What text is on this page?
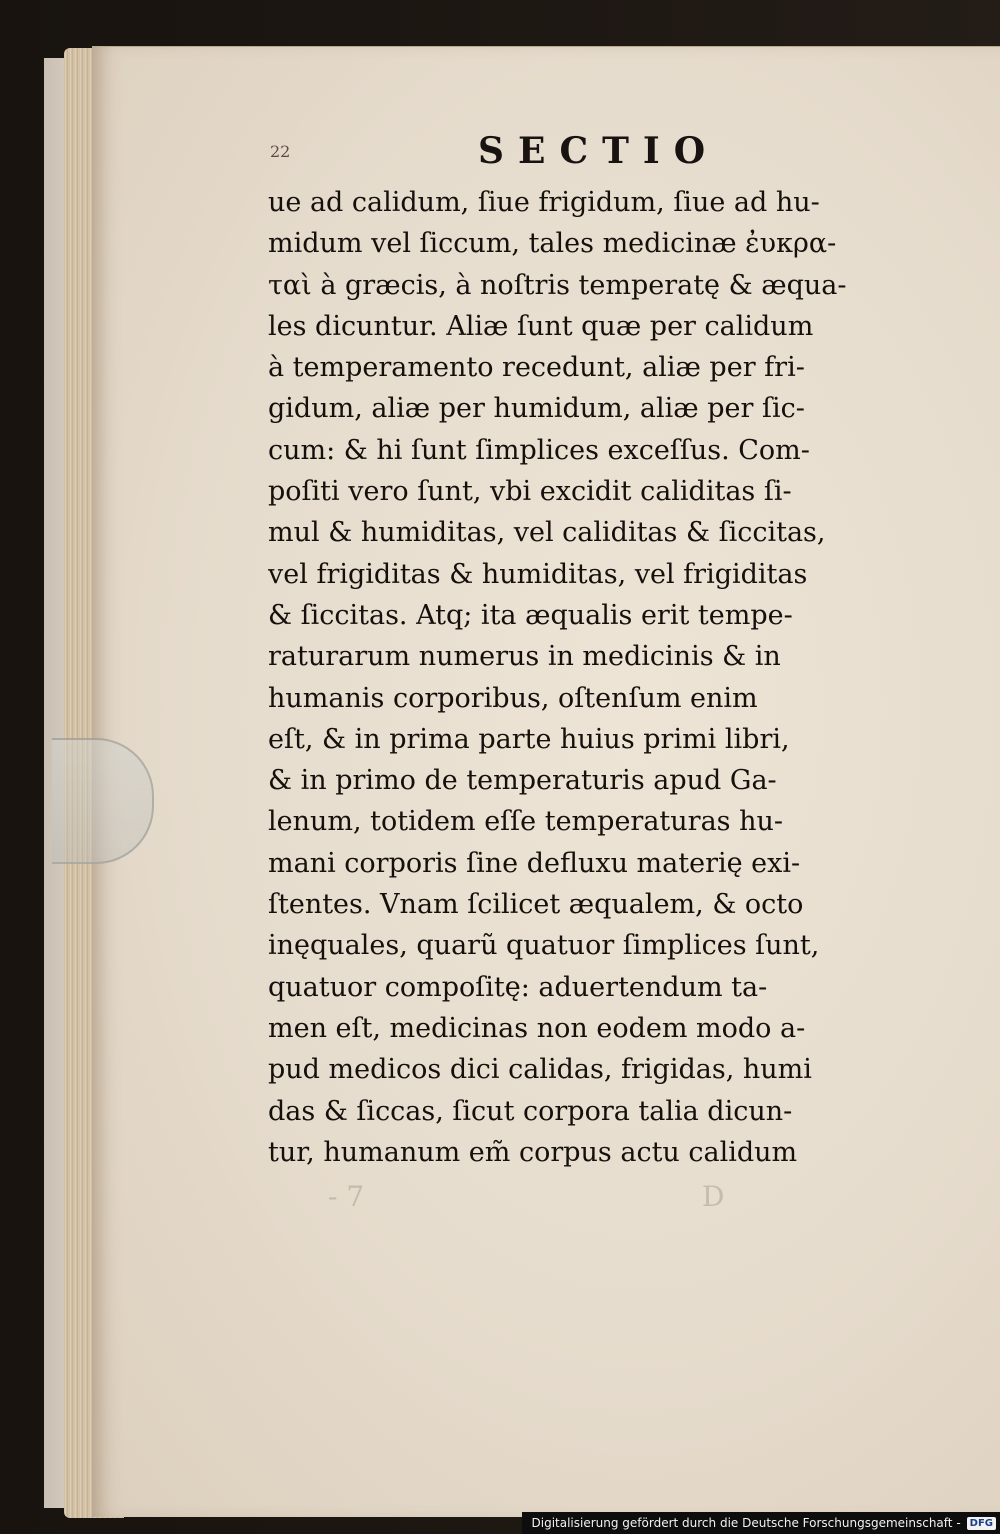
22	SECTIO
ue ad calidum, ſiue frigidum, ſiue ad hu-
midum vel ſiccum, tales medicinæ ἐυκρα-
ταὶ à græcis, à noſtris temperatę & æqua-
les dicuntur. Aliæ ſunt quæ per calidum
à temperamento recedunt, aliæ per fri-
gidum, aliæ per humidum, aliæ per ſic-
cum: & hi ſunt ſimplices exceſſus. Com-
poſiti vero ſunt, vbi excidit caliditas ſi-
mul & humiditas, vel caliditas & ſiccitas,
vel frigiditas & humiditas, vel frigiditas
& ſiccitas. Atq; ita æqualis erit tempe-
raturarum numerus in medicinis & in
humanis corporibus, oſtenſum enim
eſt, & in prima parte huius primi libri,
& in primo de temperaturis apud Ga-
lenum, totidem eſſe temperaturas hu-
mani corporis ſine defluxu materię exi-
ſtentes. Vnam ſcilicet æqualem, & octo
inęquales, quarũ quatuor ſimplices ſunt,
quatuor compoſitę: aduertendum ta-
men eſt, medicinas non eodem modo a-
pud medicos dici calidas, frigidas, humi
das & ſiccas, ſicut corpora talia dicun-
tur, humanum em̃ corpus actu calidum
‐ 7	D
Digitalisierung gefördert durch die Deutsche Forschungsgemeinschaft - DFG
